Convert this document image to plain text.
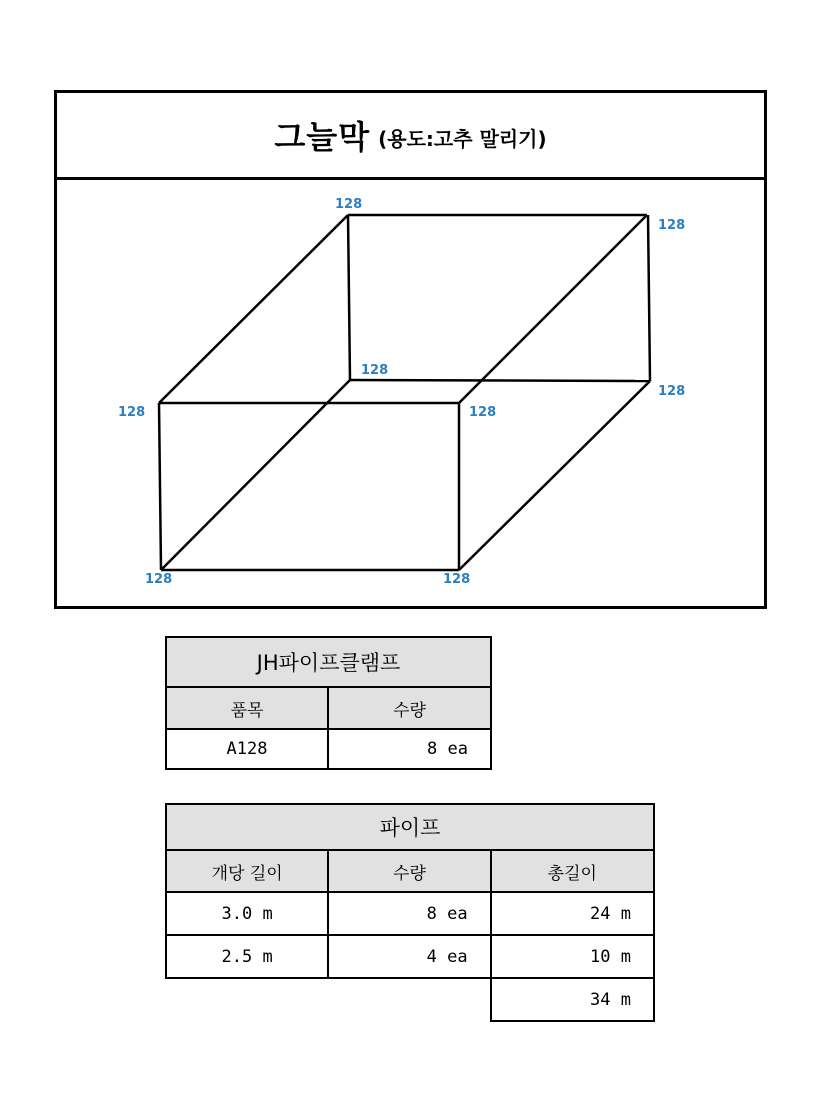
그늘막 (용도:고추 말리기)
128
128
128
128
128	128
128	128
JH파이프클램프	
품목	수량
A128	8 ea
파이프		
개당 길이	수량	총길이
3.0 m	8 ea	24 m
2.5 m	4 ea	10 m
		34 m
